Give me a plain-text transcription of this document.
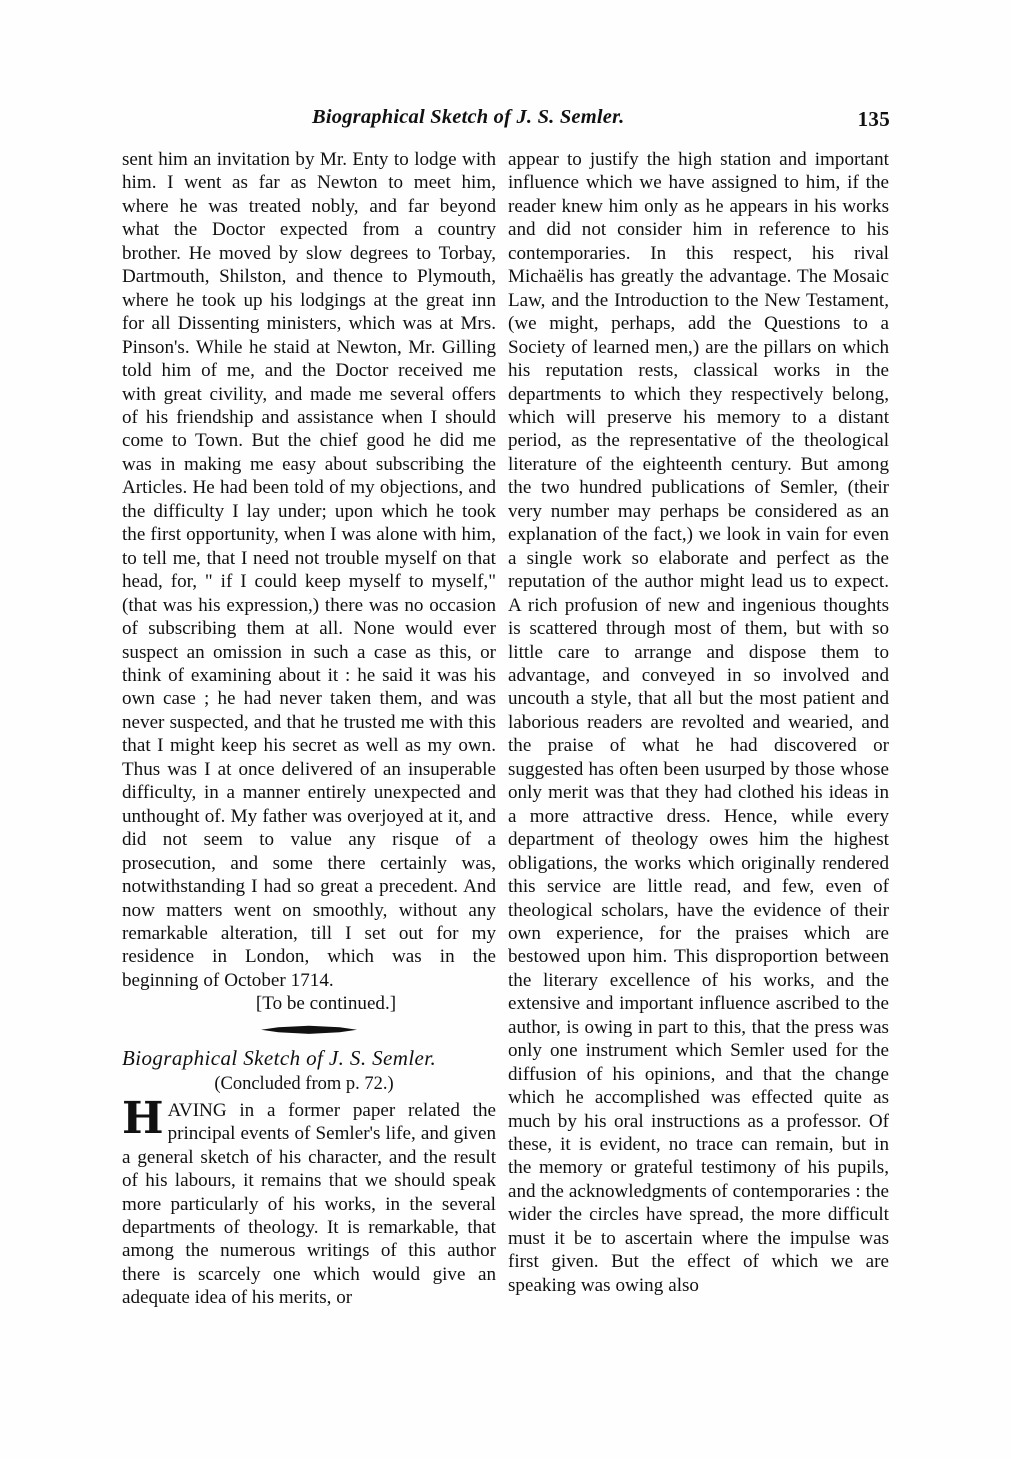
Biographical Sketch of J. S. Semler.	135

sent him an invitation by Mr. Enty to lodge with him. I went as far as Newton to meet him, where he was treated nobly, and far beyond what the Doctor expected from a country brother. He moved by slow degrees to Torbay, Dartmouth, Shilston, and thence to Plymouth, where he took up his lodgings at the great inn for all Dissenting ministers, which was at Mrs. Pinson's. While he staid at Newton, Mr. Gilling told him of me, and the Doctor received me with great civility, and made me several offers of his friendship and assistance when I should come to Town. But the chief good he did me was in making me easy about subscribing the Articles. He had been told of my objections, and the difficulty I lay under; upon which he took the first opportunity, when I was alone with him, to tell me, that I need not trouble myself on that head, for, " if I could keep myself to myself," (that was his expression,) there was no occasion of subscribing them at all. None would ever suspect an omission in such a case as this, or think of examining about it : he said it was his own case ; he had never taken them, and was never suspected, and that he trusted me with this that I might keep his secret as well as my own. Thus was I at once delivered of an insuperable difficulty, in a manner entirely unexpected and unthought of. My father was overjoyed at it, and did not seem to value any risque of a prosecution, and some there certainly was, notwithstanding I had so great a precedent. And now matters went on smoothly, without any remarkable alteration, till I set out for my residence in London, which was in the beginning of October 1714.

[To be continued.]

Biographical Sketch of J. S. Semler.
(Concluded from p. 72.)

HAVING in a former paper related the principal events of Semler's life, and given a general sketch of his character, and the result of his labours, it remains that we should speak more particularly of his works, in the several departments of theology. It is remarkable, that among the numerous writings of this author there is scarcely one which would give an adequate idea of his merits, or

appear to justify the high station and important influence which we have assigned to him, if the reader knew him only as he appears in his works and did not consider him in reference to his contemporaries. In this respect, his rival Michaëlis has greatly the advantage. The Mosaic Law, and the Introduction to the New Testament, (we might, perhaps, add the Questions to a Society of learned men,) are the pillars on which his reputation rests, classical works in the departments to which they respectively belong, which will preserve his memory to a distant period, as the representative of the theological literature of the eighteenth century. But among the two hundred publications of Semler, (their very number may perhaps be considered as an explanation of the fact,) we look in vain for even a single work so elaborate and perfect as the reputation of the author might lead us to expect. A rich profusion of new and ingenious thoughts is scattered through most of them, but with so little care to arrange and dispose them to advantage, and conveyed in so involved and uncouth a style, that all but the most patient and laborious readers are revolted and wearied, and the praise of what he had discovered or suggested has often been usurped by those whose only merit was that they had clothed his ideas in a more attractive dress. Hence, while every department of theology owes him the highest obligations, the works which originally rendered this service are little read, and few, even of theological scholars, have the evidence of their own experience, for the praises which are bestowed upon him. This disproportion between the literary excellence of his works, and the extensive and important influence ascribed to the author, is owing in part to this, that the press was only one instrument which Semler used for the diffusion of his opinions, and that the change which he accomplished was effected quite as much by his oral instructions as a professor. Of these, it is evident, no trace can remain, but in the memory or grateful testimony of his pupils, and the acknowledgments of contemporaries : the wider the circles have spread, the more difficult must it be to ascertain where the impulse was first given. But the effect of which we are speaking was owing also
